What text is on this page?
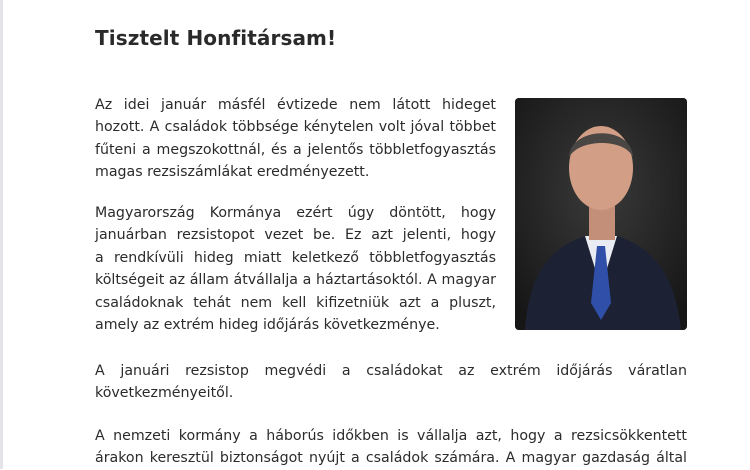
Tisztelt Honfitársam!
Az idei január másfél évtizede nem látott hideget
hozott. A családok többsége kénytelen volt jóval többet
fűteni a megszokottnál, és a jelentős többletfogyasztás
magas rezsiszámlákat eredményezett.
Magyarország Kormánya ezért úgy döntött, hogy
januárban rezsistopot vezet be. Ez azt jelenti, hogy
a rendkívüli hideg miatt keletkező többletfogyasztás
költségeit az állam átvállalja a háztartásoktól. A magyar
családoknak tehát nem kell kifizetniük azt a pluszt,
amely az extrém hideg időjárás következménye.
A januári rezsistop megvédi a családokat az extrém időjárás váratlan
következményeitől.
A nemzeti kormány a háborús időkben is vállalja azt, hogy a rezsicsökkentett
árakon keresztül biztonságot nyújt a családok számára. A magyar gazdaság által
